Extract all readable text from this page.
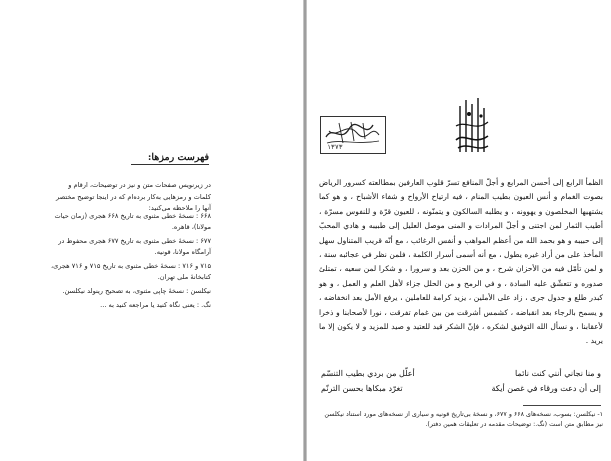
فهرست رمزها:
در زیرنویس صفحات متن و نیز در توضیحات، ارقام و کلمات و رمزهایی به‌کار برده‌ام که در اینجا توضیح مختصر آنها را ملاحظه می‌کنید:

۶۶۸ : نسخهٔ خطی مثنوی به تاریخ ۶۶۸ هجری (زمان حیات مولانا)، قاهره.

۶۷۷ : نسخهٔ خطی مثنوی به تاریخ ۶۷۷ هجری محفوظ در آرامگاه مولانا، قونیه.

۷۱۵ و ۷۱۶ : نسخهٔ خطی مثنوی به تاریخ ۷۱۵ و ۷۱۶ هجری، کتابخانهٔ ملی تهران.

نیکلسن : نسخهٔ چاپی مثنوی، به تصحیح رینولد نیکلسن.

نگ. : یعنی نگاه کنید یا مراجعه کنید به ...

۱۳۷۳
الظمأ الرابع إلى أحسن المرابع و أجلّ المنافع تسرّ قلوب العارفين بمطالعته كسرور الرياض بصوت الغمام و أنس العيون بطيب المنام ، فيه ارتياح الأرواح و شفاء الأشباح ، و هو كما يشتهيها المخلصون و يهوونه ، و يطلبه السالكون و يتمنّونه ، للعيون قرّة و للنفوس مسرّة ، أطيب الثمار لمن اجتنى و أجلّ المرادات و المنى موصل العليل إلى طبيبه و هادي المحبّ إلى حبيبه و هو بحمد الله من أعظم المواهب و أنفس الرغائب ، مع أنّه قريب المتناول سهل المأخذ على من أراد غيره يطول ، مع أنه أسمى أسرار الكلمة ، فلمن نظر في عجائبه سنة ، و لمن تأمّل فيه من الأحزان شرح ، و من الحزن بعد و سرورا ، و شكرا لمن سعيه ، تمتلئ صدوره و تتعشّق عليه السادة ، و في الرمح و من الحلل جزاء لأهل العلم و العمل ، و هو كبدر طلع و جدول جرى ، زاد على الأملين ، يزيد كرامة للعاملين ، يرفع الأمل بعد انخفاضه ، و يسمح بالرجاء بعد انقباضه ، كشمس أشرقت من بين غمام تفرقت ، نورا لأصحابنا و ذخرا لأعقابنا ، و نسأل الله التوفيق لشكره ، فإنّ الشكر قيد للعتيد و صيد للمزيد و لا يكون إلا ما يريد .
و منا نجاني أنني كنت نائما
أعلّل من بردي بطيب التنسّم
إلى أن دعت ورقاء في غصن أيكة
تغرّد مبكاها بحسن الترنّم
۱- نیکلسن: بسوب، نسخه‌های ۶۶۸ و ۶۷۷، و نسخهٔ بی‌تاریخ قونیه و سیاری از نسخه‌های مورد استناد نیکلسن نیز مطابق متن است (نگ.: توضیحات مقدمه در تعلیقات همین دفتر).
